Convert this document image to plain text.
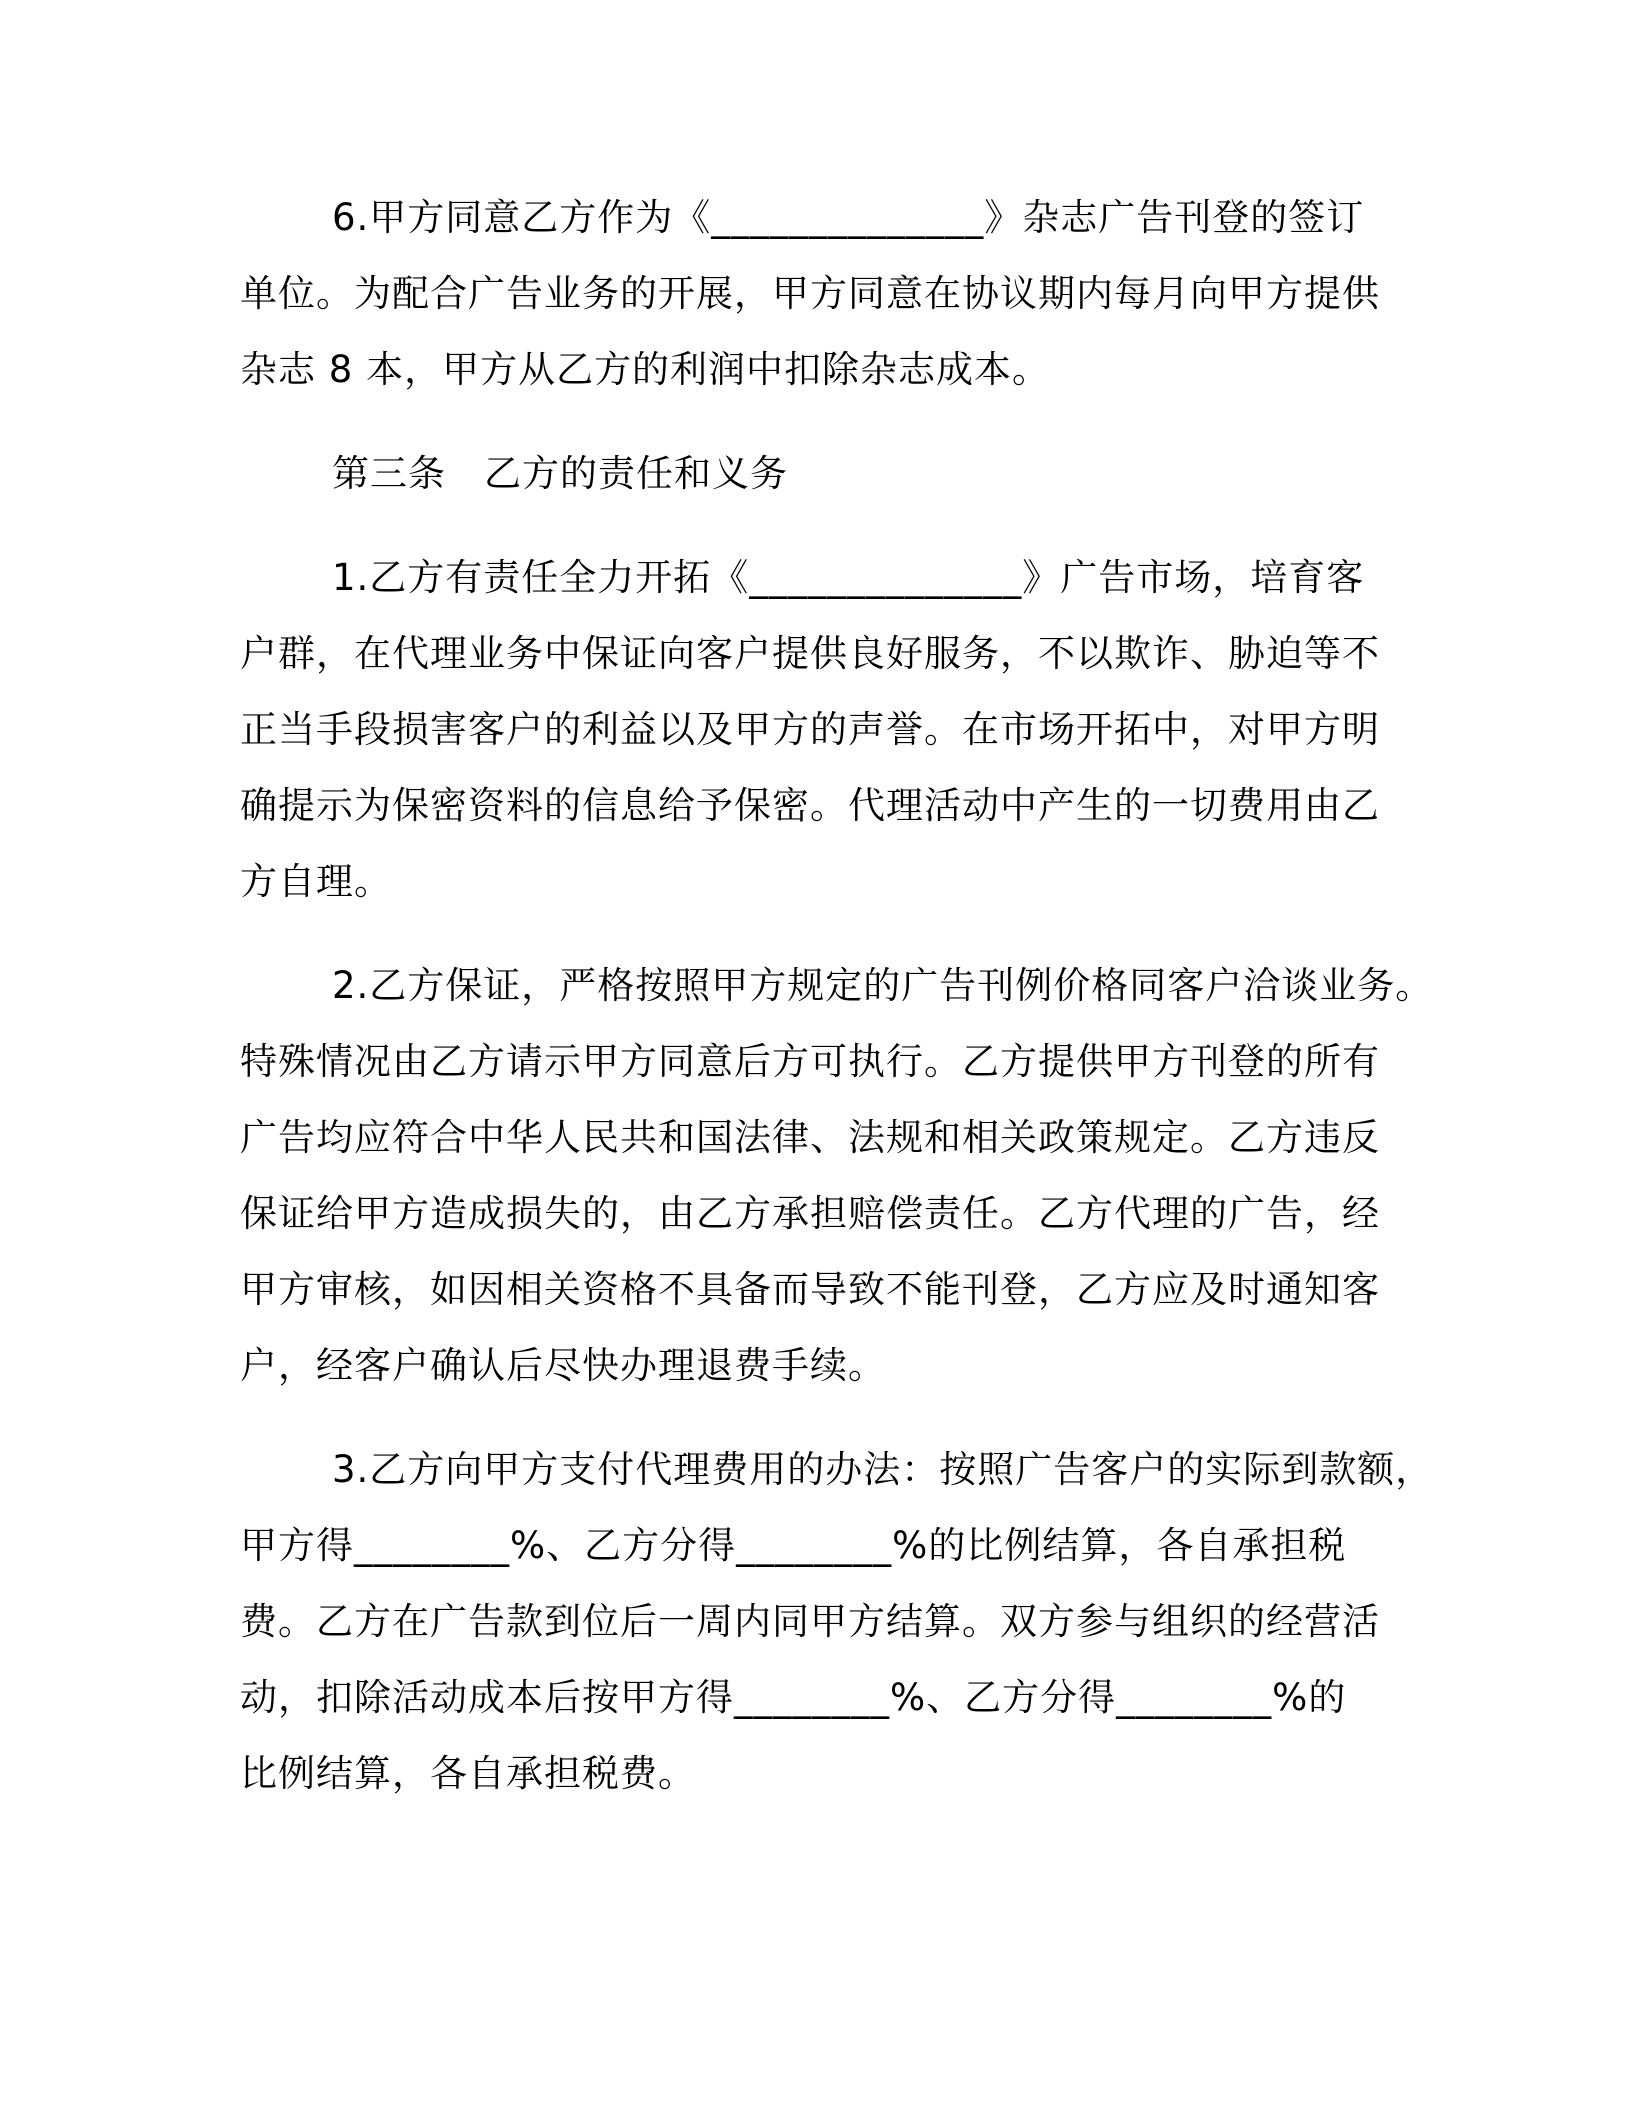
6.甲方同意乙方作为《______________》杂志广告刊登的签订
单位。为配合广告业务的开展，甲方同意在协议期内每月向甲方提供
杂志 8 本，甲方从乙方的利润中扣除杂志成本。
第三条　乙方的责任和义务
1.乙方有责任全力开拓《______________》广告市场，培育客
户群，在代理业务中保证向客户提供良好服务，不以欺诈、胁迫等不
正当手段损害客户的利益以及甲方的声誉。在市场开拓中，对甲方明
确提示为保密资料的信息给予保密。代理活动中产生的一切费用由乙
方自理。
2.乙方保证，严格按照甲方规定的广告刊例价格同客户洽谈业务。
特殊情况由乙方请示甲方同意后方可执行。乙方提供甲方刊登的所有
广告均应符合中华人民共和国法律、法规和相关政策规定。乙方违反
保证给甲方造成损失的，由乙方承担赔偿责任。乙方代理的广告，经
甲方审核，如因相关资格不具备而导致不能刊登，乙方应及时通知客
户，经客户确认后尽快办理退费手续。
3.乙方向甲方支付代理费用的办法：按照广告客户的实际到款额，
甲方得________%、乙方分得________%的比例结算，各自承担税
费。乙方在广告款到位后一周内同甲方结算。双方参与组织的经营活
动，扣除活动成本后按甲方得________%、乙方分得________%的
比例结算，各自承担税费。
